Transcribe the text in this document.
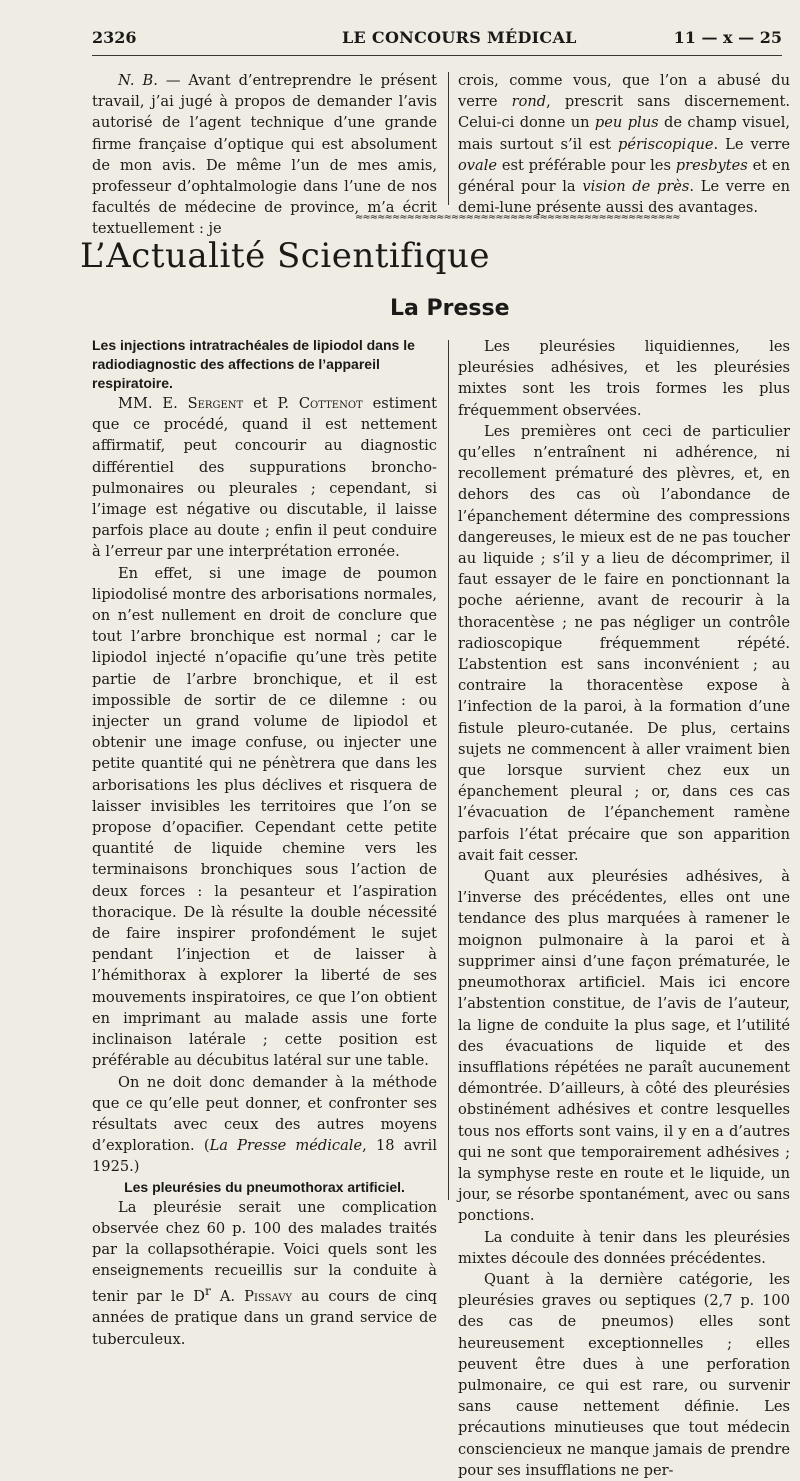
2326	LE CONCOURS MÉDICAL	11 — x — 25

N. B. — Avant d’entreprendre le présent travail, j’ai jugé à propos de demander l’avis autorisé de l’agent technique d’une grande firme française d’optique qui est absolument de mon avis. De même l’un de mes amis, professeur d’ophtalmologie dans l’une de nos facultés de médecine de province, m’a écrit textuellement : je

crois, comme vous, que l’on a abusé du verre rond, prescrit sans discernement. Celui-ci donne un peu plus de champ visuel, mais surtout s’il est périscopique. Le verre ovale est préférable pour les presbytes et en général pour la vision de près. Le verre en demi-lune présente aussi des avantages.

≈≈≈≈≈≈≈≈≈≈≈≈≈≈≈≈≈≈≈≈≈≈≈≈≈≈≈≈≈≈≈≈≈≈≈≈≈≈≈≈≈≈≈≈
L’Actualité Scientifique
La Presse

Les injections intratrachéales de lipiodol dans le radiodiagnostic des affections de l’appareil respiratoire.

MM. E. Sergent et P. Cottenot estiment que ce procédé, quand il est nettement affirmatif, peut concourir au diagnostic différentiel des suppurations broncho-pulmonaires ou pleurales ; cependant, si l’image est négative ou discutable, il laisse parfois place au doute ; enfin il peut conduire à l’erreur par une interprétation erronée.

En effet, si une image de poumon lipiodolisé montre des arborisations normales, on n’est nullement en droit de conclure que tout l’arbre bronchique est normal ; car le lipiodol injecté n’opacifie qu’une très petite partie de l’arbre bronchique, et il est impossible de sortir de ce dilemne : ou injecter un grand volume de lipiodol et obtenir une image confuse, ou injecter une petite quantité qui ne pénètrera que dans les arborisations les plus déclives et risquera de laisser invisibles les territoires que l’on se propose d’opacifier. Cependant cette petite quantité de liquide chemine vers les terminaisons bronchiques sous l’action de deux forces : la pesanteur et l’aspiration thoracique. De là résulte la double nécessité de faire inspirer profondément le sujet pendant l’injection et de laisser à l’hémithorax à explorer la liberté de ses mouvements inspiratoires, ce que l’on obtient en imprimant au malade assis une forte inclinaison latérale ; cette position est préférable au décubitus latéral sur une table.

On ne doit donc demander à la méthode que ce qu’elle peut donner, et confronter ses résultats avec ceux des autres moyens d’exploration. (La Presse médicale, 18 avril 1925.)

Les pleurésies du pneumothorax artificiel.

La pleurésie serait une complication observée chez 60 p. 100 des malades traités par la collapsothérapie. Voici quels sont les enseignements recueillis sur la conduite à tenir par le $D^r$ A. Pissavy au cours de cinq années de pratique dans un grand service de tuberculeux.

Les pleurésies liquidiennes, les pleurésies adhésives, et les pleurésies mixtes sont les trois formes les plus fréquemment observées.

Les premières ont ceci de particulier qu’elles n’entraînent ni adhérence, ni recollement prématuré des plèvres, et, en dehors des cas où l’abondance de l’épanchement détermine des compressions dangereuses, le mieux est de ne pas toucher au liquide ; s’il y a lieu de décomprimer, il faut essayer de le faire en ponctionnant la poche aérienne, avant de recourir à la thoracentèse ; ne pas négliger un contrôle radioscopique fréquemment répété. L’abstention est sans inconvénient ; au contraire la thoracentèse expose à l’infection de la paroi, à la formation d’une fistule pleuro-cutanée. De plus, certains sujets ne commencent à aller vraiment bien que lorsque survient chez eux un épanchement pleural ; or, dans ces cas l’évacuation de l’épanchement ramène parfois l’état précaire que son apparition avait fait cesser.

Quant aux pleurésies adhésives, à l’inverse des précédentes, elles ont une tendance des plus marquées à ramener le moignon pulmonaire à la paroi et à supprimer ainsi d’une façon prématurée, le pneumothorax artificiel. Mais ici encore l’abstention constitue, de l’avis de l’auteur, la ligne de conduite la plus sage, et l’utilité des évacuations de liquide et des insufflations répétées ne paraît aucunement démontrée. D’ailleurs, à côté des pleurésies obstinément adhésives et contre lesquelles tous nos efforts sont vains, il y en a d’autres qui ne sont que temporairement adhésives ; la symphyse reste en route et le liquide, un jour, se résorbe spontanément, avec ou sans ponctions.

La conduite à tenir dans les pleurésies mixtes découle des données précédentes.

Quant à la dernière catégorie, les pleurésies graves ou septiques (2,7 p. 100 des cas de pneumos) elles sont heureusement exceptionnelles ; elles peuvent être dues à une perforation pulmonaire, ce qui est rare, ou survenir sans cause nettement définie. Les précautions minutieuses que tout médecin consciencieux ne manque jamais de prendre pour ses insufflations ne per-
